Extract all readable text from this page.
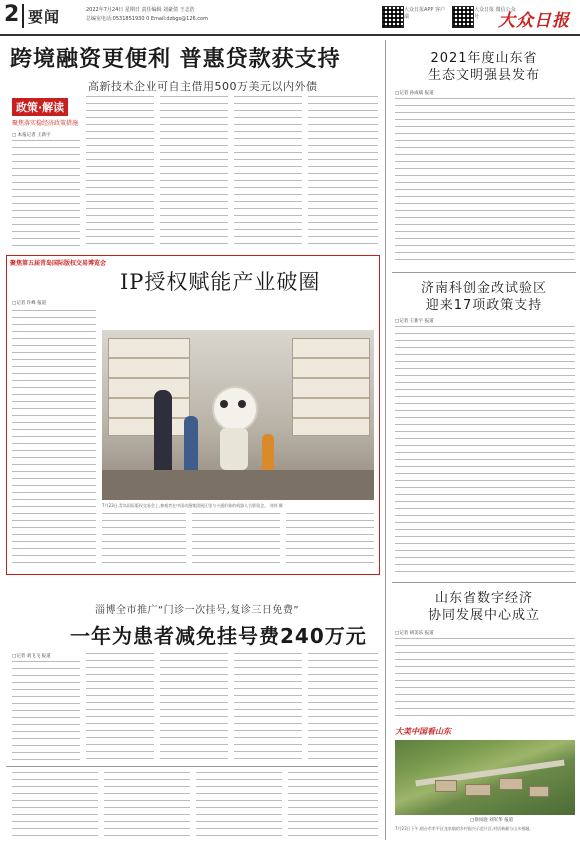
2 要闻	2022年7月24日 星期日 责任编辑 刘豪倩 王志浩
总编室电话:0531851930 0 Email:dzbgs@126.com
大众日报APP 客户端
大众日报 微信公众号	大众日报
跨境融资更便利 普惠贷款获支持
高新技术企业可自主借用500万美元以内外债
政策·解读
聚焦落实稳经济政策措施
□ 本报记者 王新宇
聚焦第五届青岛国际版权交易博览会
IP授权赋能产业破圈
□记者 许峰 报道
7月23日,青岛国际版权交易会上,参观者在中国动漫集团展区里与卡通形象的机器人合影留念。 刘邦 摄
淄博全市推广“门诊一次挂号,复诊三日免费”
一年为患者减免挂号费240万元
□记者 刘飞飞 报道
2021年度山东省
生态文明强县发布
□记者 孙成斌 报道
济南科创金改试验区
迎来17项政策支持
□记者 王新宇 报道
山东省数字经济
协同发展中心成立
□记者 胡美乐 报道
大美中国看山东
□徐凤庭 刘军华 报道
7月23日下午,烟台市牟平区龙泉镇的乡村振兴示范片区,村居新颜与山水相融。
